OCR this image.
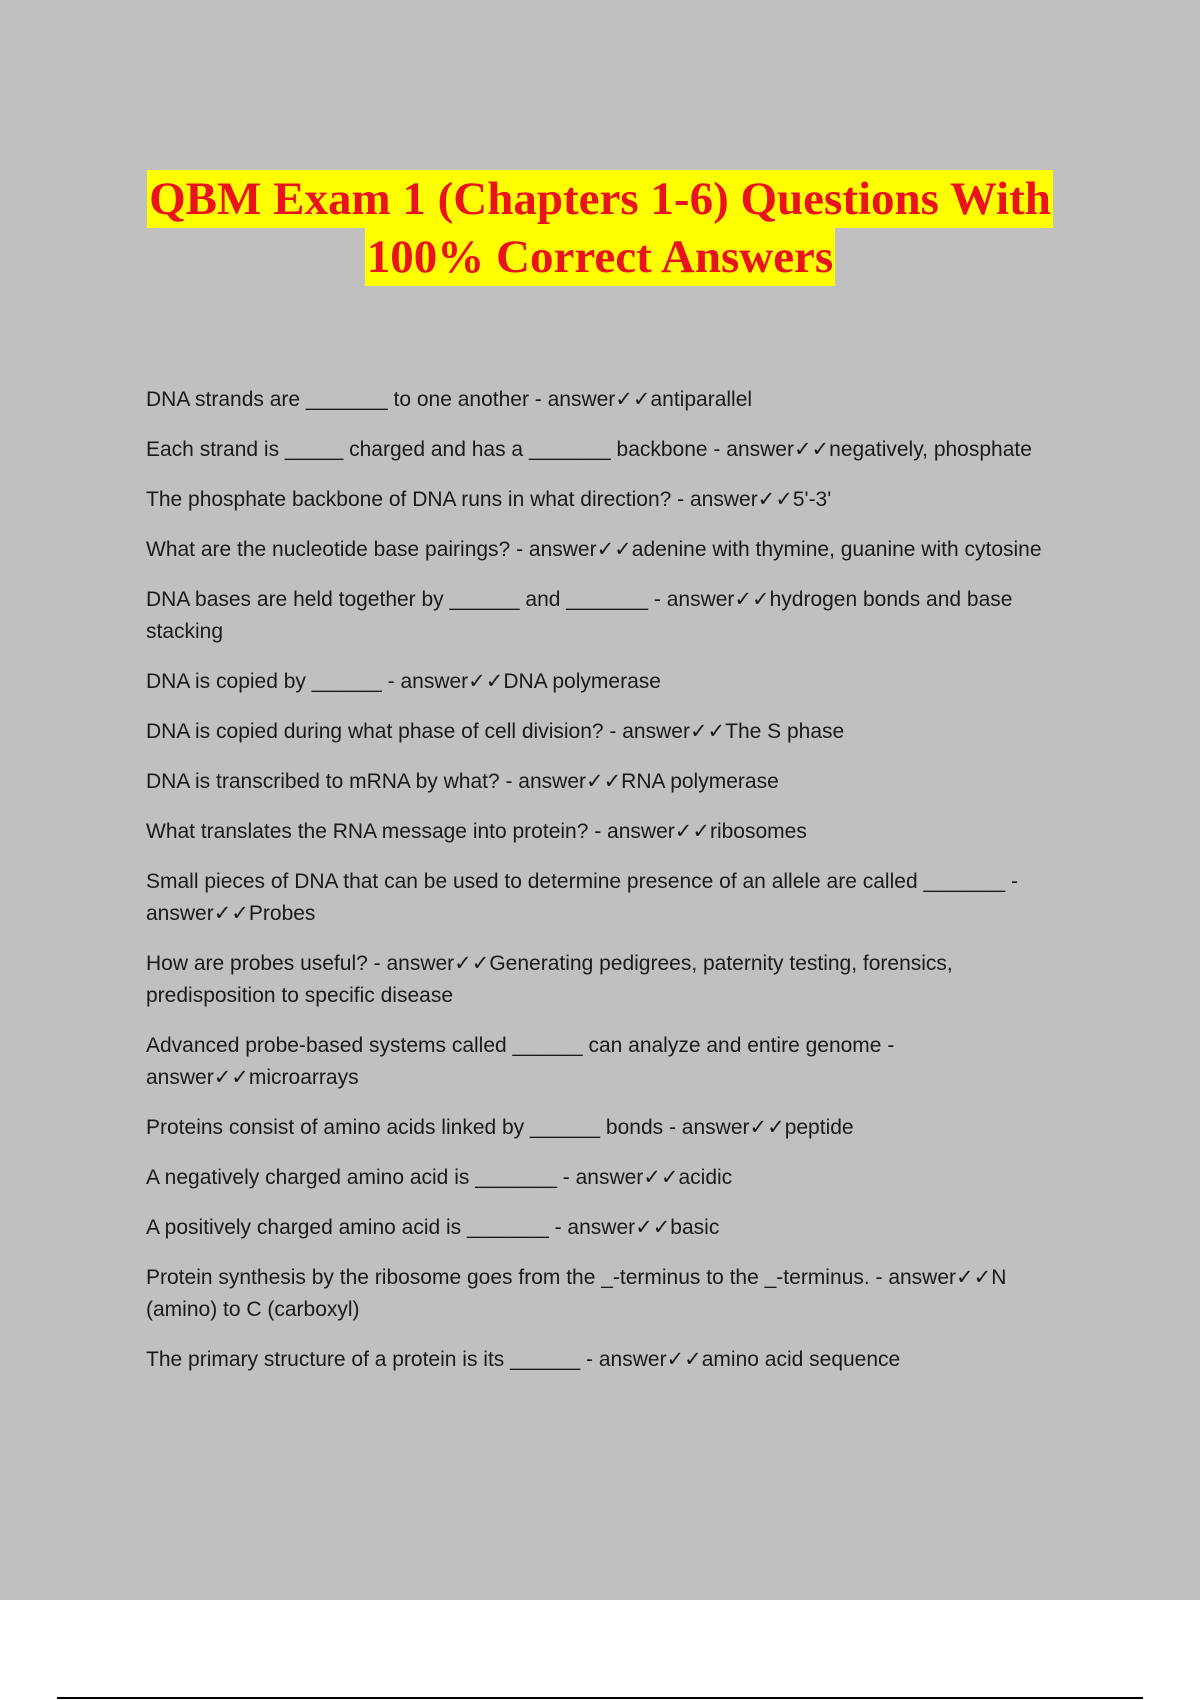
QBM Exam 1 (Chapters 1-6) Questions With
100% Correct Answers

DNA strands are _______ to one another - answer✓✓antiparallel

Each strand is _____ charged and has a _______ backbone - answer✓✓negatively, phosphate

The phosphate backbone of DNA runs in what direction? - answer✓✓5'-3'

What are the nucleotide base pairings? - answer✓✓adenine with thymine, guanine with cytosine

DNA bases are held together by ______ and _______ - answer✓✓hydrogen bonds and base stacking

DNA is copied by ______ - answer✓✓DNA polymerase

DNA is copied during what phase of cell division? - answer✓✓The S phase

DNA is transcribed to mRNA by what? - answer✓✓RNA polymerase

What translates the RNA message into protein? - answer✓✓ribosomes

Small pieces of DNA that can be used to determine presence of an allele are called _______ - answer✓✓Probes

How are probes useful? - answer✓✓Generating pedigrees, paternity testing, forensics, predisposition to specific disease

Advanced probe-based systems called ______ can analyze and entire genome - answer✓✓microarrays

Proteins consist of amino acids linked by ______ bonds - answer✓✓peptide

A negatively charged amino acid is _______ - answer✓✓acidic

A positively charged amino acid is _______ - answer✓✓basic

Protein synthesis by the ribosome goes from the _-terminus to the _-terminus. - answer✓✓N (amino) to C (carboxyl)

The primary structure of a protein is its ______ - answer✓✓amino acid sequence
